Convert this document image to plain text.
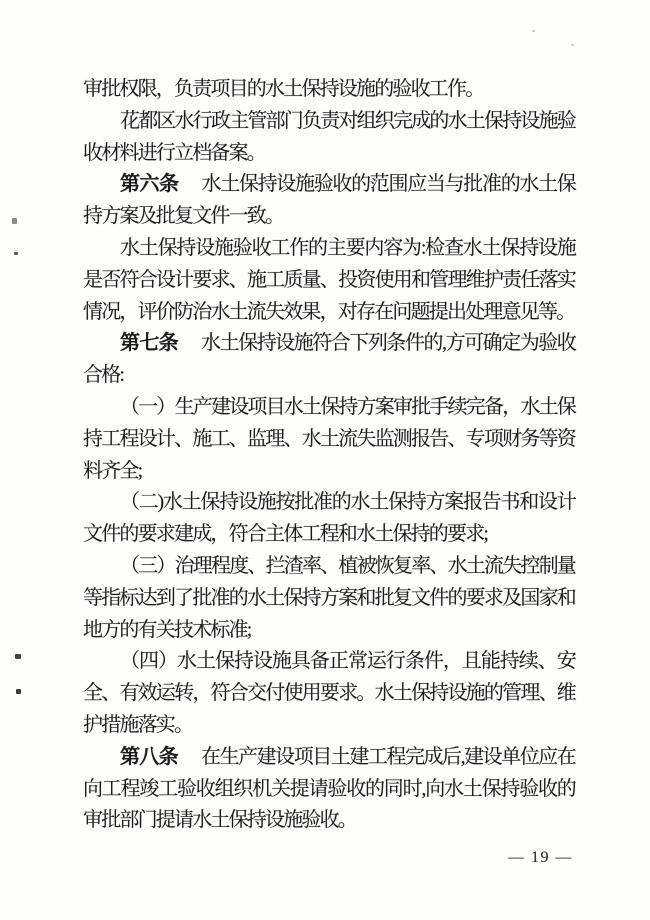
审批权限，负责项目的水土保持设施的验收工作。

花都区水行政主管部门负责对组织完成的水土保持设施验收材料进行立档备案。

第六条 水土保持设施验收的范围应当与批准的水土保持方案及批复文件一致。

水土保持设施验收工作的主要内容为:检查水土保持设施是否符合设计要求、施工质量、投资使用和管理维护责任落实情况，评价防治水土流失效果，对存在问题提出处理意见等。

第七条 水土保持设施符合下列条件的,方可确定为验收合格:

（一）生产建设项目水土保持方案审批手续完备，水土保持工程设计、施工、监理、水土流失监测报告、专项财务等资料齐全;

（二)水土保持设施按批准的水土保持方案报告书和设计文件的要求建成，符合主体工程和水土保持的要求;

（三）治理程度、拦渣率、植被恢复率、水土流失控制量等指标达到了批准的水土保持方案和批复文件的要求及国家和地方的有关技术标准;

（四）水土保持设施具备正常运行条件，且能持续、安全、有效运转，符合交付使用要求。水土保持设施的管理、维护措施落实。

第八条 在生产建设项目土建工程完成后,建设单位应在向工程竣工验收组织机关提请验收的同时,向水土保持验收的审批部门提请水土保持设施验收。

— 19 —
